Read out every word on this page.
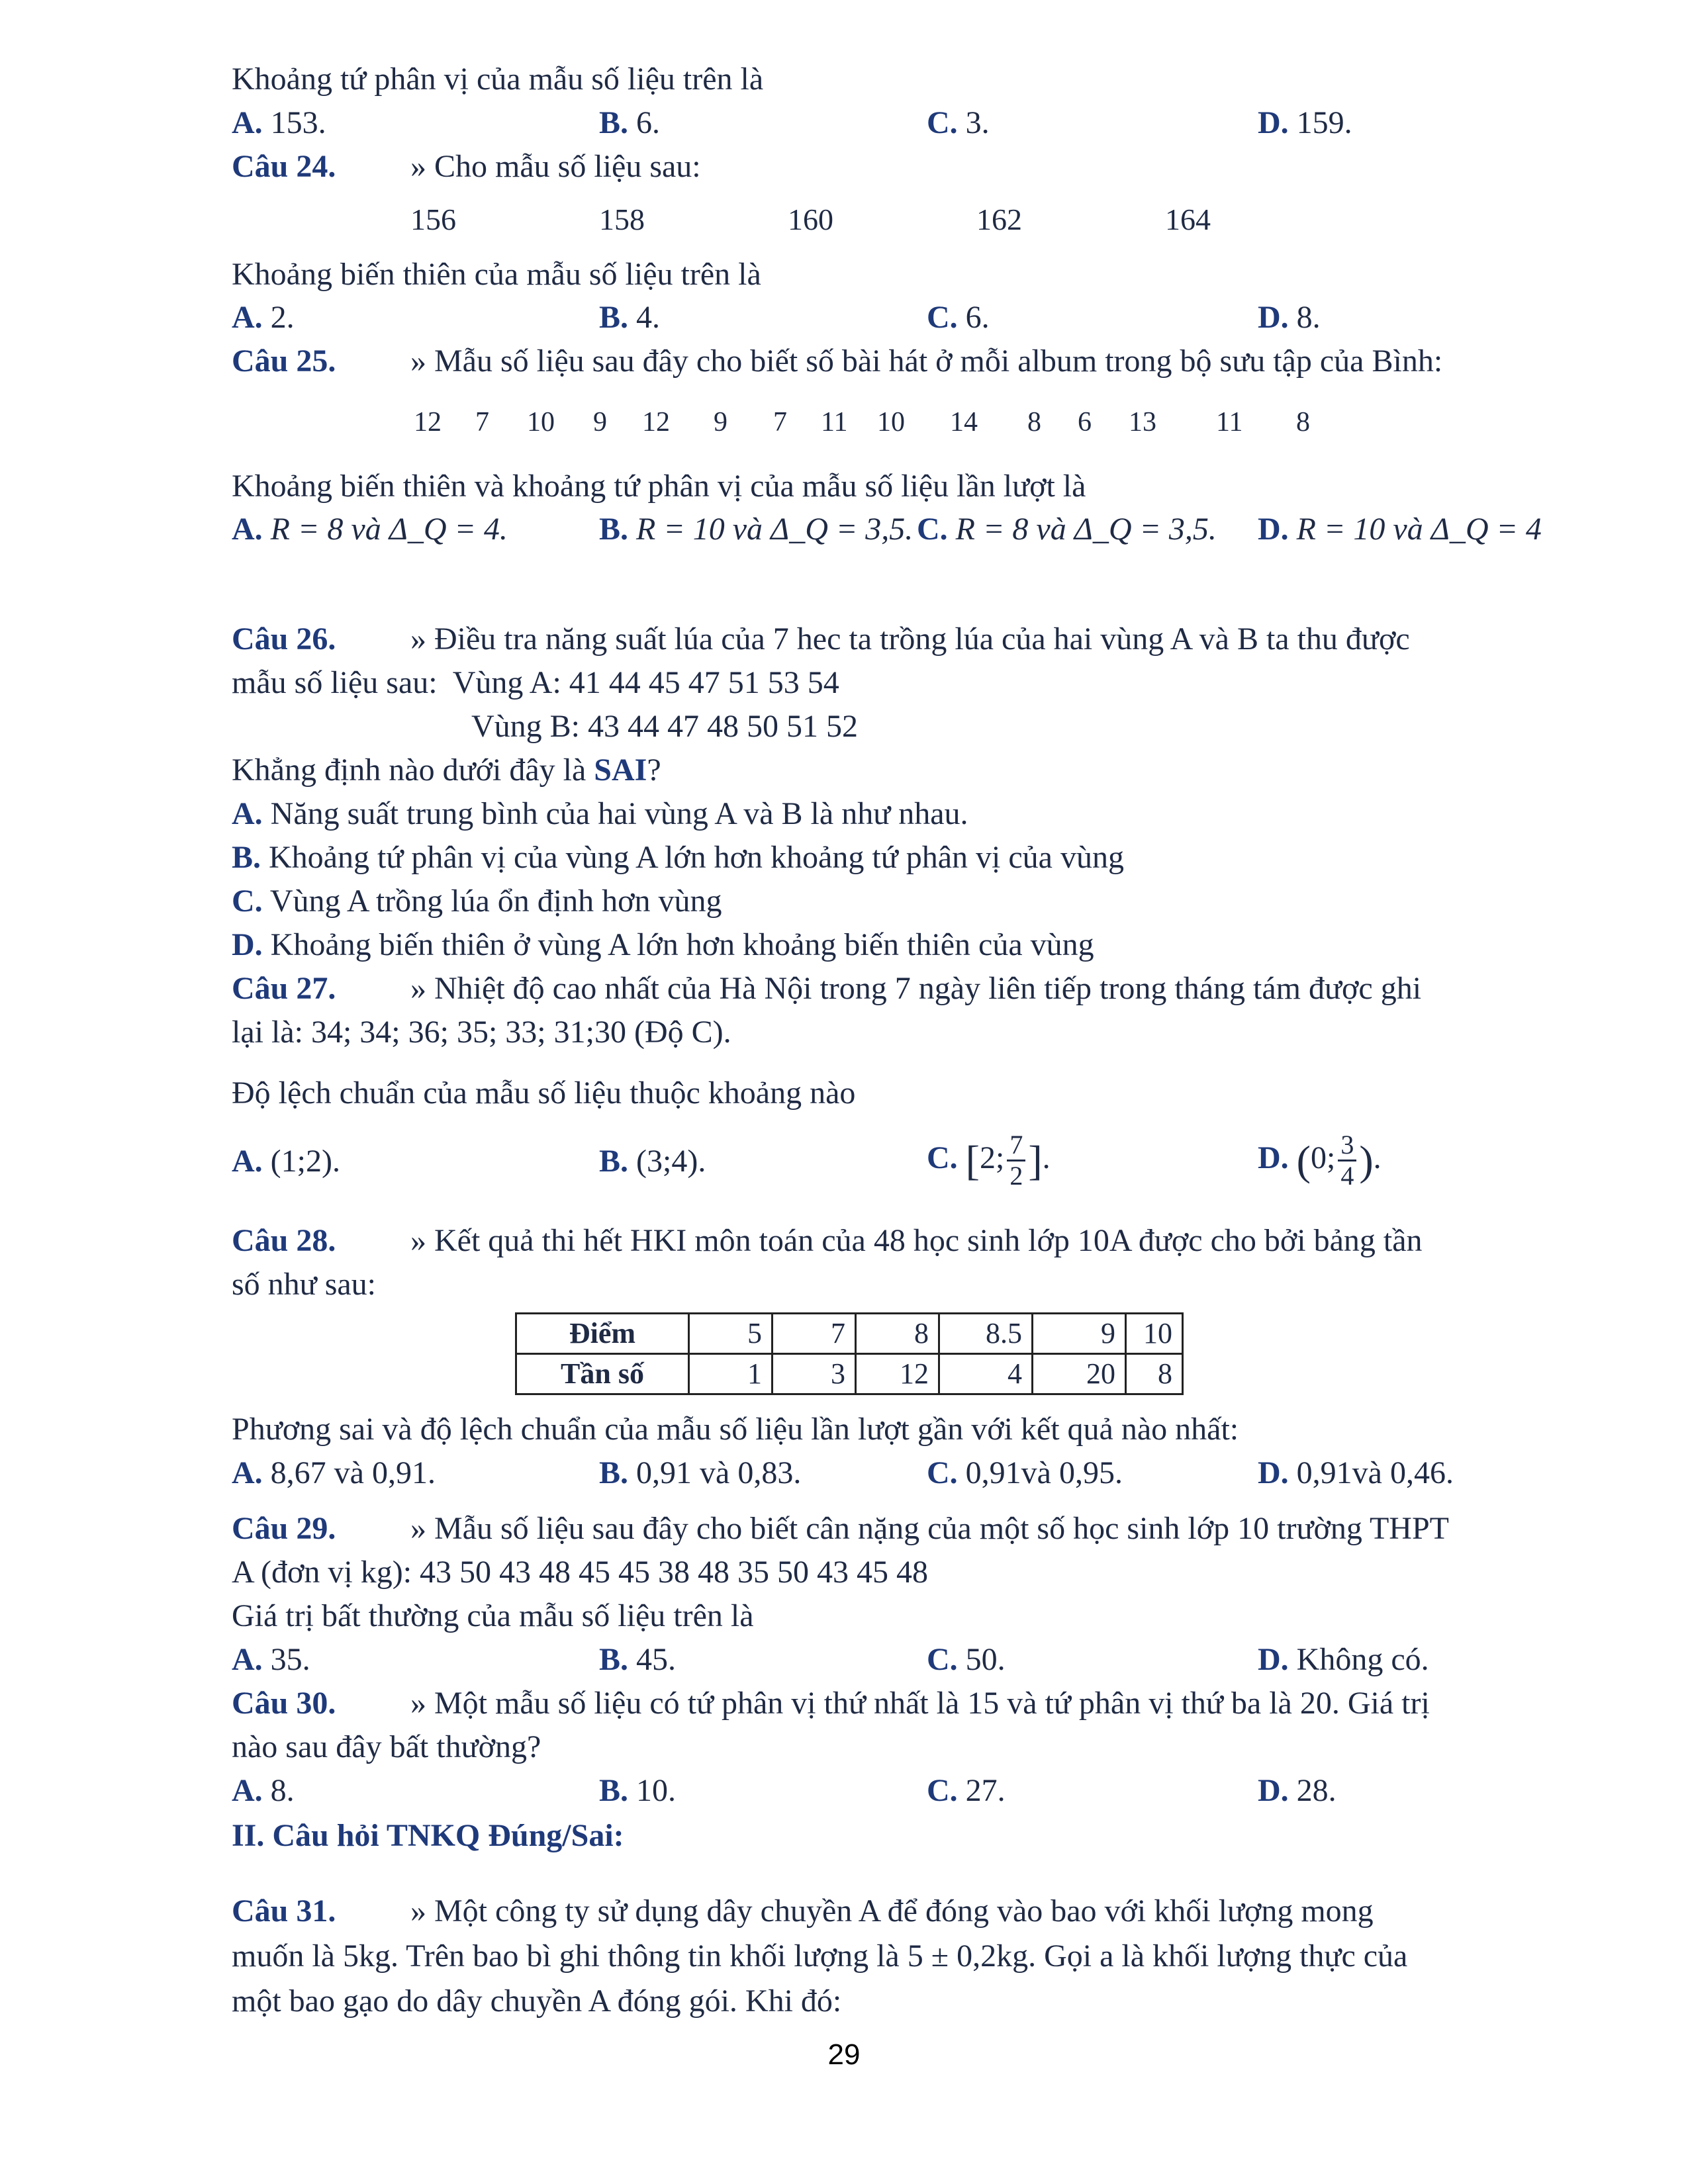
Khoảng tứ phân vị của mẫu số liệu trên là
A. 153.	B. 6.	C. 3.	D. 159.
Câu 24. » Cho mẫu số liệu sau:
156	158	160	162	164
Khoảng biến thiên của mẫu số liệu trên là
A. 2.	B. 4.	C. 6.	D. 8.
Câu 25. » Mẫu số liệu sau đây cho biết số bài hát ở mỗi album trong bộ sưu tập của Bình:
12 7 10 9 12 9 7 11 10 14 8 6 13 11 8
Khoảng biến thiên và khoảng tứ phân vị của mẫu số liệu lần lượt là
A. R = 8 và Δ_Q = 4.	B. R = 10 và Δ_Q = 3,5. C. R = 8 và Δ_Q = 3,5. D. R = 10 và Δ_Q = 4
Câu 26. » Điều tra năng suất lúa của 7 hec ta trồng lúa của hai vùng A và B ta thu được
mẫu số liệu sau: Vùng A: 41 44 45 47 51 53 54
Vùng B: 43 44 47 48 50 51 52
Khẳng định nào dưới đây là SAI?
A. Năng suất trung bình của hai vùng A và B là như nhau.
B. Khoảng tứ phân vị của vùng A lớn hơn khoảng tứ phân vị của vùng
C. Vùng A trồng lúa ổn định hơn vùng
D. Khoảng biến thiên ở vùng A lớn hơn khoảng biến thiên của vùng
Câu 27. » Nhiệt độ cao nhất của Hà Nội trong 7 ngày liên tiếp trong tháng tám được ghi
lại là: 34; 34; 36; 35; 33; 31;30 (Độ C).
Độ lệch chuẩn của mẫu số liệu thuộc khoảng nào
A. (1;2).	B. (3;4).	C. [2; $\frac{7}{2}$ ].	D. (0; $\frac{3}{4}$ ).
Câu 28. » Kết quả thi hết HKI môn toán của 48 học sinh lớp 10A được cho bởi bảng tần
số như sau:
Điểm	5	7	8	8.5	9	10
Tần số	1	3	12	4	20	8
Phương sai và độ lệch chuẩn của mẫu số liệu lần lượt gần với kết quả nào nhất:
A. 8,67 và 0,91.	B. 0,91 và 0,83.	C. 0,91và 0,95.	D. 0,91và 0,46.
Câu 29. » Mẫu số liệu sau đây cho biết cân nặng của một số học sinh lớp 10 trường THPT
A (đơn vị kg): 43 50 43 48 45 45 38 48 35 50 43 45 48
Giá trị bất thường của mẫu số liệu trên là
A. 35.	B. 45.	C. 50.	D. Không có.
Câu 30. » Một mẫu số liệu có tứ phân vị thứ nhất là 15 và tứ phân vị thứ ba là 20. Giá trị
nào sau đây bất thường?
A. 8.	B. 10.	C. 27.	D. 28.
II. Câu hỏi TNKQ Đúng/Sai:
Câu 31. » Một công ty sử dụng dây chuyền A để đóng vào bao với khối lượng mong
muốn là 5kg. Trên bao bì ghi thông tin khối lượng là 5 ± 0,2kg. Gọi a là khối lượng thực của
một bao gạo do dây chuyền A đóng gói. Khi đó:
29
